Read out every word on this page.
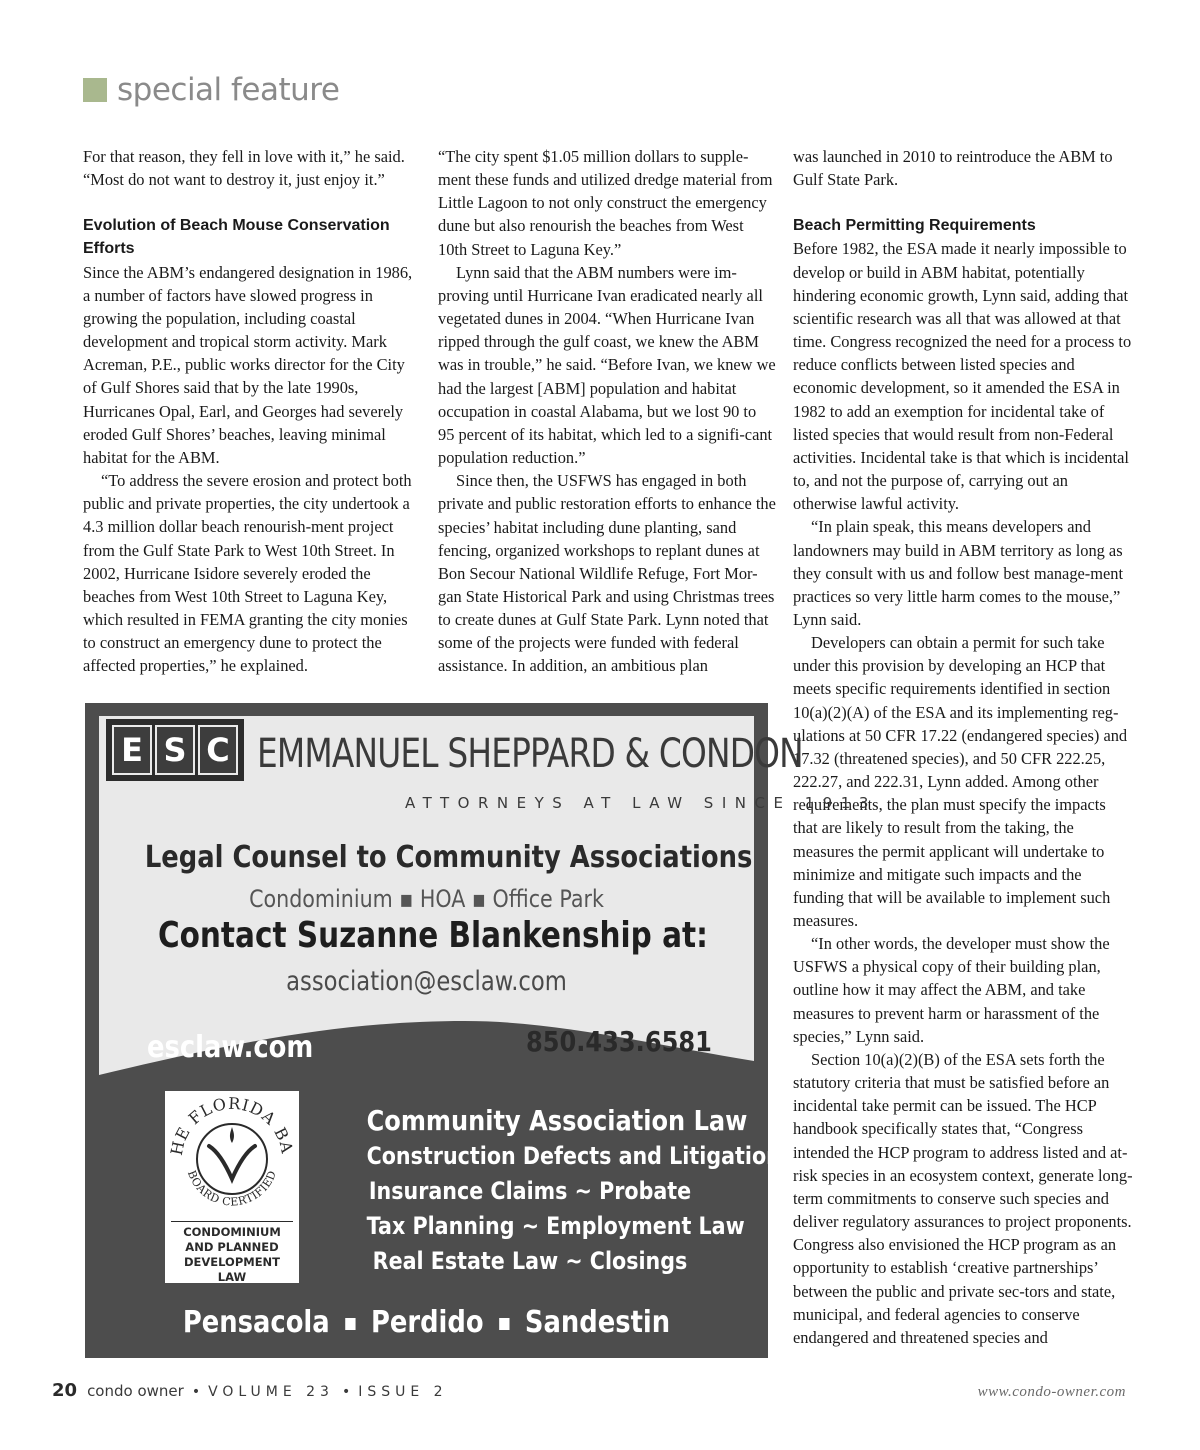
special feature

For that reason, they fell in love with it,” he said. “Most do not want to destroy it, just enjoy it.”

Evolution of Beach Mouse Conservation Efforts

Since the ABM’s endangered designation in 1986, a number of factors have slowed progress in growing the population, including coastal development and tropical storm activity. Mark Acreman, P.E., public works director for the City of Gulf Shores said that by the late 1990s, Hurricanes Opal, Earl, and Georges had severely eroded Gulf Shores’ beaches, leaving minimal habitat for the ABM.

“To address the severe erosion and protect both public and private properties, the city undertook a 4.3 million dollar beach renourish-ment project from the Gulf State Park to West 10th Street. In 2002, Hurricane Isidore severely eroded the beaches from West 10th Street to Laguna Key, which resulted in FEMA granting the city monies to construct an emergency dune to protect the affected properties,” he explained.

“The city spent $1.05 million dollars to supple-ment these funds and utilized dredge material from Little Lagoon to not only construct the emergency dune but also renourish the beaches from West 10th Street to Laguna Key.”

Lynn said that the ABM numbers were im-proving until Hurricane Ivan eradicated nearly all vegetated dunes in 2004. “When Hurricane Ivan ripped through the gulf coast, we knew the ABM was in trouble,” he said. “Before Ivan, we knew we had the largest [ABM] population and habitat occupation in coastal Alabama, but we lost 90 to 95 percent of its habitat, which led to a signifi-cant population reduction.”

Since then, the USFWS has engaged in both private and public restoration efforts to enhance the species’ habitat including dune planting, sand fencing, organized workshops to replant dunes at Bon Secour National Wildlife Refuge, Fort Mor-gan State Historical Park and using Christmas trees to create dunes at Gulf State Park. Lynn noted that some of the projects were funded with federal assistance. In addition, an ambitious plan

was launched in 2010 to reintroduce the ABM to Gulf State Park.

Beach Permitting Requirements

Before 1982, the ESA made it nearly impossible to develop or build in ABM habitat, potentially hindering economic growth, Lynn said, adding that scientific research was all that was allowed at that time. Congress recognized the need for a process to reduce conflicts between listed species and economic development, so it amended the ESA in 1982 to add an exemption for incidental take of listed species that would result from non-Federal activities. Incidental take is that which is incidental to, and not the purpose of, carrying out an otherwise lawful activity.

“In plain speak, this means developers and landowners may build in ABM territory as long as they consult with us and follow best manage-ment practices so very little harm comes to the mouse,” Lynn said.

Developers can obtain a permit for such take under this provision by developing an HCP that meets specific requirements identified in section 10(a)(2)(A) of the ESA and its implementing reg-ulations at 50 CFR 17.22 (endangered species) and 17.32 (threatened species), and 50 CFR 222.25, 222.27, and 222.31, Lynn added. Among other requirements, the plan must specify the impacts that are likely to result from the taking, the measures the permit applicant will undertake to minimize and mitigate such impacts and the funding that will be available to implement such measures.

“In other words, the developer must show the USFWS a physical copy of their building plan, outline how it may affect the ABM, and take measures to prevent harm or harassment of the species,” Lynn said.

Section 10(a)(2)(B) of the ESA sets forth the statutory criteria that must be satisfied before an incidental take permit can be issued. The HCP handbook specifically states that, “Congress intended the HCP program to address listed and at-risk species in an ecosystem context, generate long-term commitments to conserve such species and deliver regulatory assurances to project proponents. Congress also envisioned the HCP program as an opportunity to establish ‘creative partnerships’ between the public and private sec-tors and state, municipal, and federal agencies to conserve endangered and threatened species and

E S C EMMANUEL SHEPPARD & CONDON
ATTORNEYS AT LAW SINCE 1913
Legal Counsel to Community Associations
Condominium ▪ HOA ▪ Office Park
Contact Suzanne Blankenship at:
association@esclaw.com
850.433.6581
esclaw.com
HE FLORIDA BA
BOARD CERTIFIED
CONDOMINIUM
AND PLANNED
DEVELOPMENT LAW
Community Association Law
Construction Defects and Litigation
Insurance Claims ~ Probate
Tax Planning ~ Employment Law
Real Estate Law ~ Closings
Pensacola Perdido Sandestin
20 condo owner • VOLUME 23 • ISSUE 2	www.condo-owner.com
